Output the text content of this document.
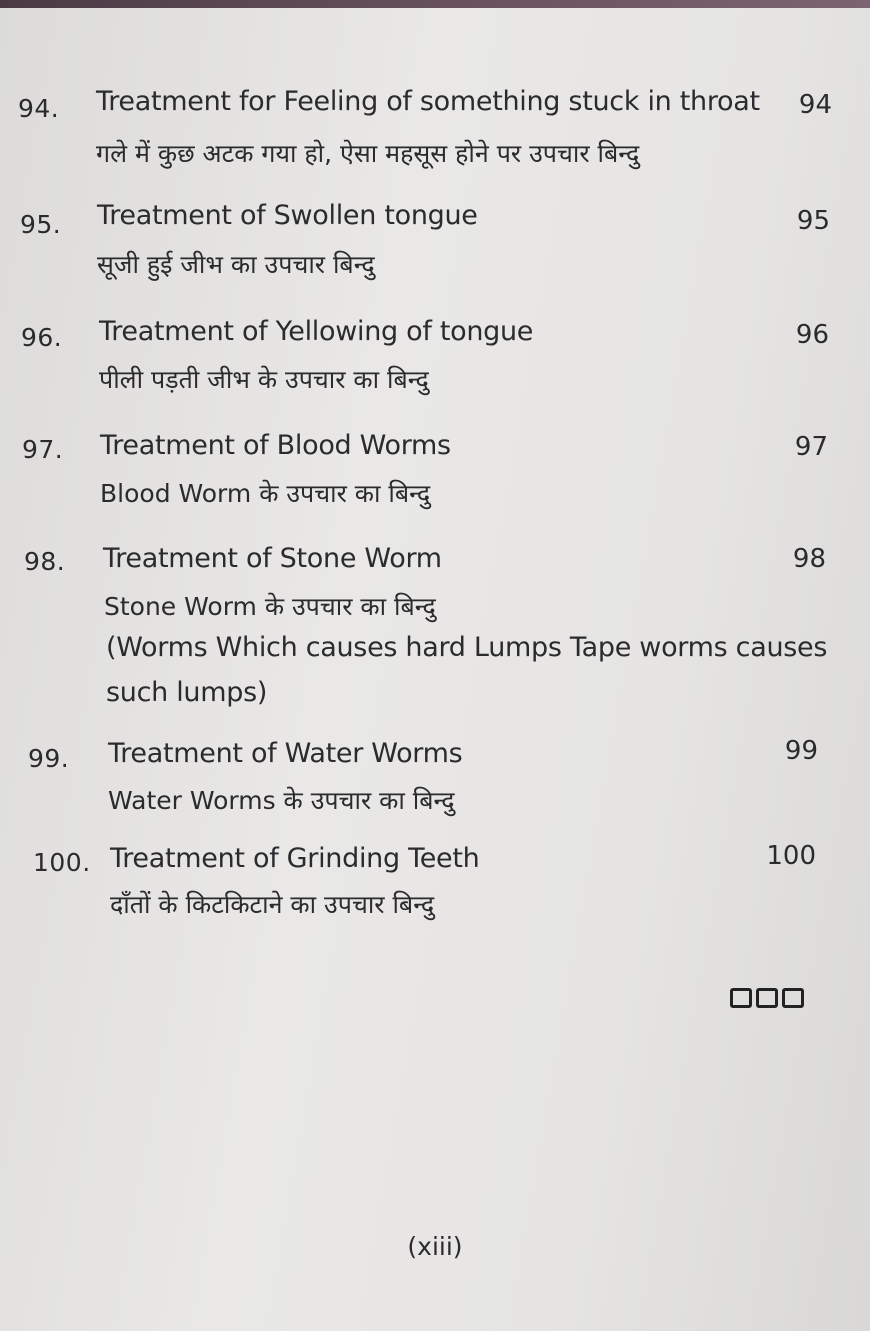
94. Treatment for Feeling of something stuck in throat	94
गले में कुछ अटक गया हो, ऐसा महसूस होने पर उपचार बिन्दु
95. Treatment of Swollen tongue	95
सूजी हुई जीभ का उपचार बिन्दु
96. Treatment of Yellowing of tongue	96
पीली पड़ती जीभ के उपचार का बिन्दु
97. Treatment of Blood Worms	97
Blood Worm के उपचार का बिन्दु
98. Treatment of Stone Worm	98
Stone Worm के उपचार का बिन्दु
(Worms Which causes hard Lumps Tape worms causes
such lumps)
99. Treatment of Water Worms	99
Water Worms के उपचार का बिन्दु
100. Treatment of Grinding Teeth	100
दाँतों के किटकिटाने का उपचार बिन्दु
(xiii)
